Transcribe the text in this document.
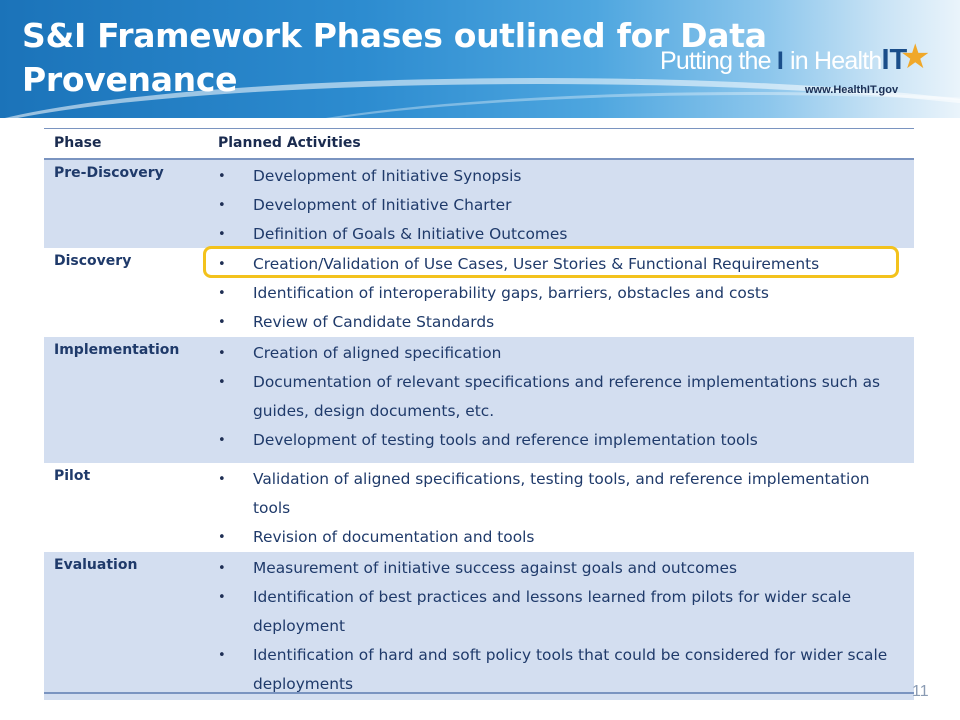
S&I Framework Phases outlined for Data Provenance	Putting the I in HealthIT
★
www.HealthIT.gov
Phase	Planned Activities
Pre-Discovery	• Development of Initiative Synopsis
• Development of Initiative Charter
• Definition of Goals & Initiative Outcomes
Discovery	• Creation/Validation of Use Cases, User Stories & Functional Requirements
• Identification of interoperability gaps, barriers, obstacles and costs
• Review of Candidate Standards
Implementation	• Creation of aligned specification
• Documentation of relevant specifications and reference implementations such as guides, design documents, etc.
• Development of testing tools and reference implementation tools
Pilot	• Validation of aligned specifications, testing tools, and reference implementation tools
• Revision of documentation and tools
Evaluation	• Measurement of initiative success against goals and outcomes
• Identification of best practices and lessons learned from pilots for wider scale deployment
• Identification of hard and soft policy tools that could be considered for wider scale deployments	11
